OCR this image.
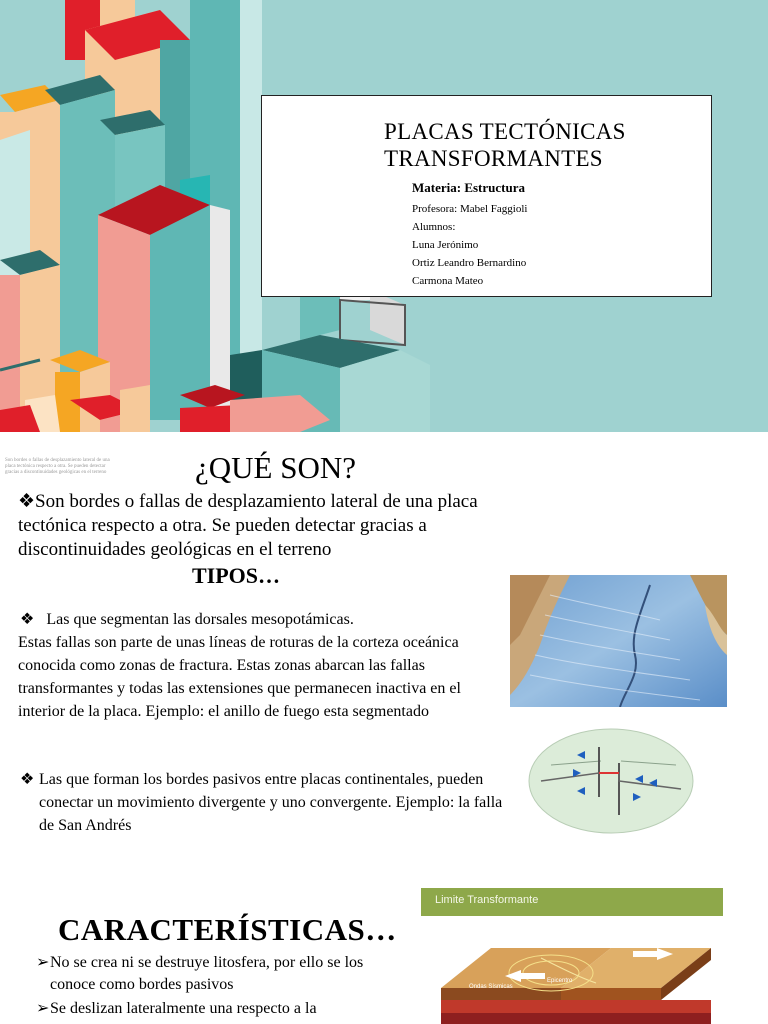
PLACAS TECTÓNICAS
TRANSFORMANTES
Materia: Estructura
Profesora: Mabel Faggioli
Alumnos:
Luna Jerónimo
Ortiz Leandro Bernardino
Carmona Mateo
Son bordes o fallas de desplazamiento lateral de una placa tectónica respecto a otra. Se pueden detectar gracias a discontinuidades geológicas en el terreno	¿QUÉ SON?
❖Son bordes o fallas de desplazamiento lateral de una placa tectónica respecto a otra. Se pueden detectar gracias a discontinuidades geológicas en el terreno
TIPOS…
❖ Las que segmentan las dorsales mesopotámicas.
Estas fallas son parte de unas líneas de roturas de la corteza oceánica conocida como zonas de fractura. Estas zonas abarcan las fallas transformantes y todas las extensiones que permanecen inactiva en el interior de la placa. Ejemplo: el anillo de fuego esta segmentado
❖ Las que forman los bordes pasivos entre placas continentales, pueden conectar un movimiento divergente y uno convergente. Ejemplo: la falla de San Andrés
CARACTERÍSTICAS…
➢No se crea ni se destruye litosfera, por ello se los conoce como bordes pasivos
➢Se deslizan lateralmente una respecto a la
Limite Transformante
Ondas Sísmicas
Epicentro
